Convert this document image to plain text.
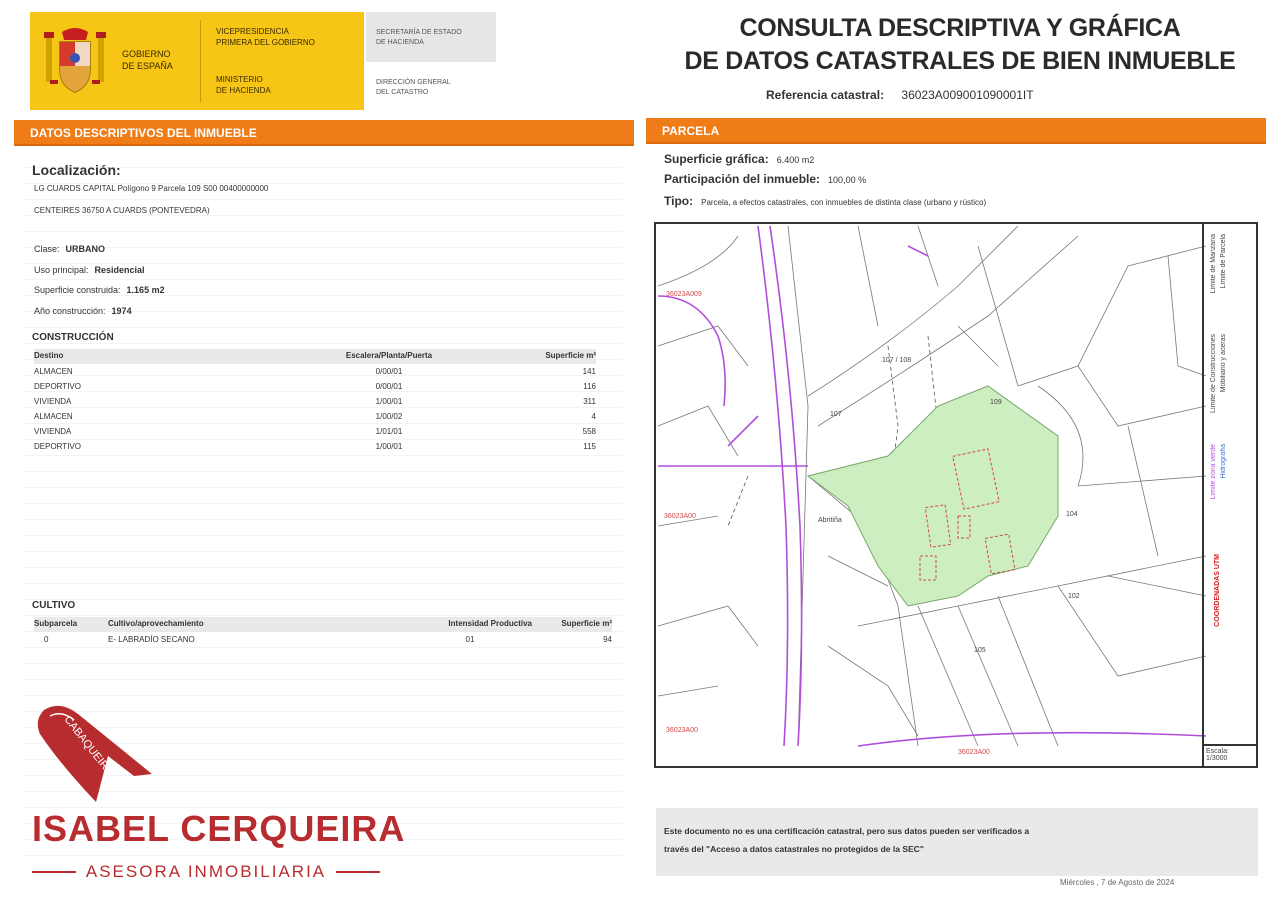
GOBIERNO
DE ESPAÑA
VICEPRESIDENCIA
PRIMERA DEL GOBIERNO
MINISTERIO
DE HACIENDA
SECRETARÍA DE ESTADO
DE HACIENDA
DIRECCIÓN GENERAL
DEL CATASTRO
CONSULTA DESCRIPTIVA Y GRÁFICA
DE DATOS CATASTRALES DE BIEN INMUEBLE
Referencia catastral: 36023A009001090001IT
DATOS DESCRIPTIVOS DEL INMUEBLE
Localización:
LG CUARDS CAPITAL Polígono 9 Parcela 109 S00 00400000000
CENTEIRES 36750 A CUARDS (PONTEVEDRA)
Clase: URBANO
Uso principal: Residencial
Superficie construida: 1.165 m2
Año construcción: 1974
CONSTRUCCIÓN
Destino	Escalera/Planta/Puerta	Superficie m²
ALMACEN	0/00/01	141
DEPORTIVO	0/00/01	116
VIVIENDA	1/00/01	311
ALMACEN	1/00/02	4
VIVIENDA	1/01/01	558
DEPORTIVO	1/00/01	115
CULTIVO
Subparcela	Cultivo/aprovechamiento	Intensidad Productiva	Superficie m²
0	E- LABRADÍO SECANO	01	94
CABAQUEIRA
ISABEL CERQUEIRA
ASESORA INMOBILIARIA
PARCELA
Superficie gráfica: 6.400 m2
Participación del inmueble: 100,00 %
Tipo: Parcela, a efectos catastrales, con inmuebles de distinta clase (urbano y rústico)
36023A009
36023A00
36023A00
36023A00
107 / 108
109
107
104
Abritiña
102
105
Límite de Manzana Límite de Parcela
Límite de Construcciones Mobiliario y aceras
Límite zona verde Hidrografía
COORDENADAS UTM
Escala:
1/3000
Este documento no es una certificación catastral, pero sus datos pueden ser verificados a
través del "Acceso a datos catastrales no protegidos de la SEC"
Miércoles , 7 de Agosto de 2024
